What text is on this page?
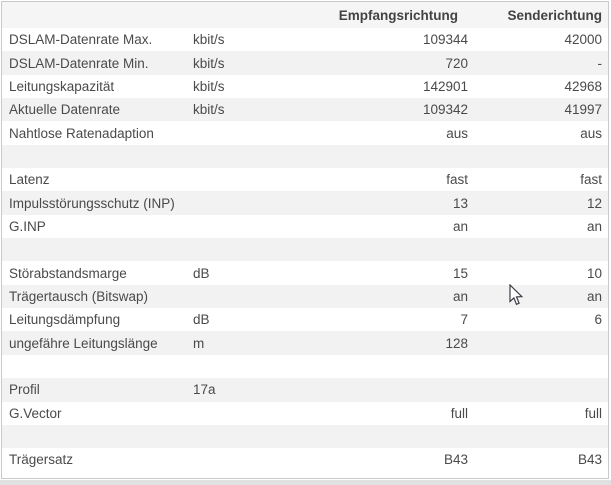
		Empfangsrichtung	Senderichtung
DSLAM-Datenrate Max.	kbit/s	109344	42000
DSLAM-Datenrate Min.	kbit/s	720	-
Leitungskapazität	kbit/s	142901	42968
Aktuelle Datenrate	kbit/s	109342	41997
Nahtlose Ratenadaption		aus	aus

Latenz		fast	fast
Impulsstörungsschutz (INP)		13	12
G.INP		an	an

Störabstandsmarge	dB	15	10
Trägertausch (Bitswap)		an	an
Leitungsdämpfung	dB	7	6
ungefähre Leitungslänge	m	128	

Profil	17a		
G.Vector		full	full

Trägersatz		B43	B43
